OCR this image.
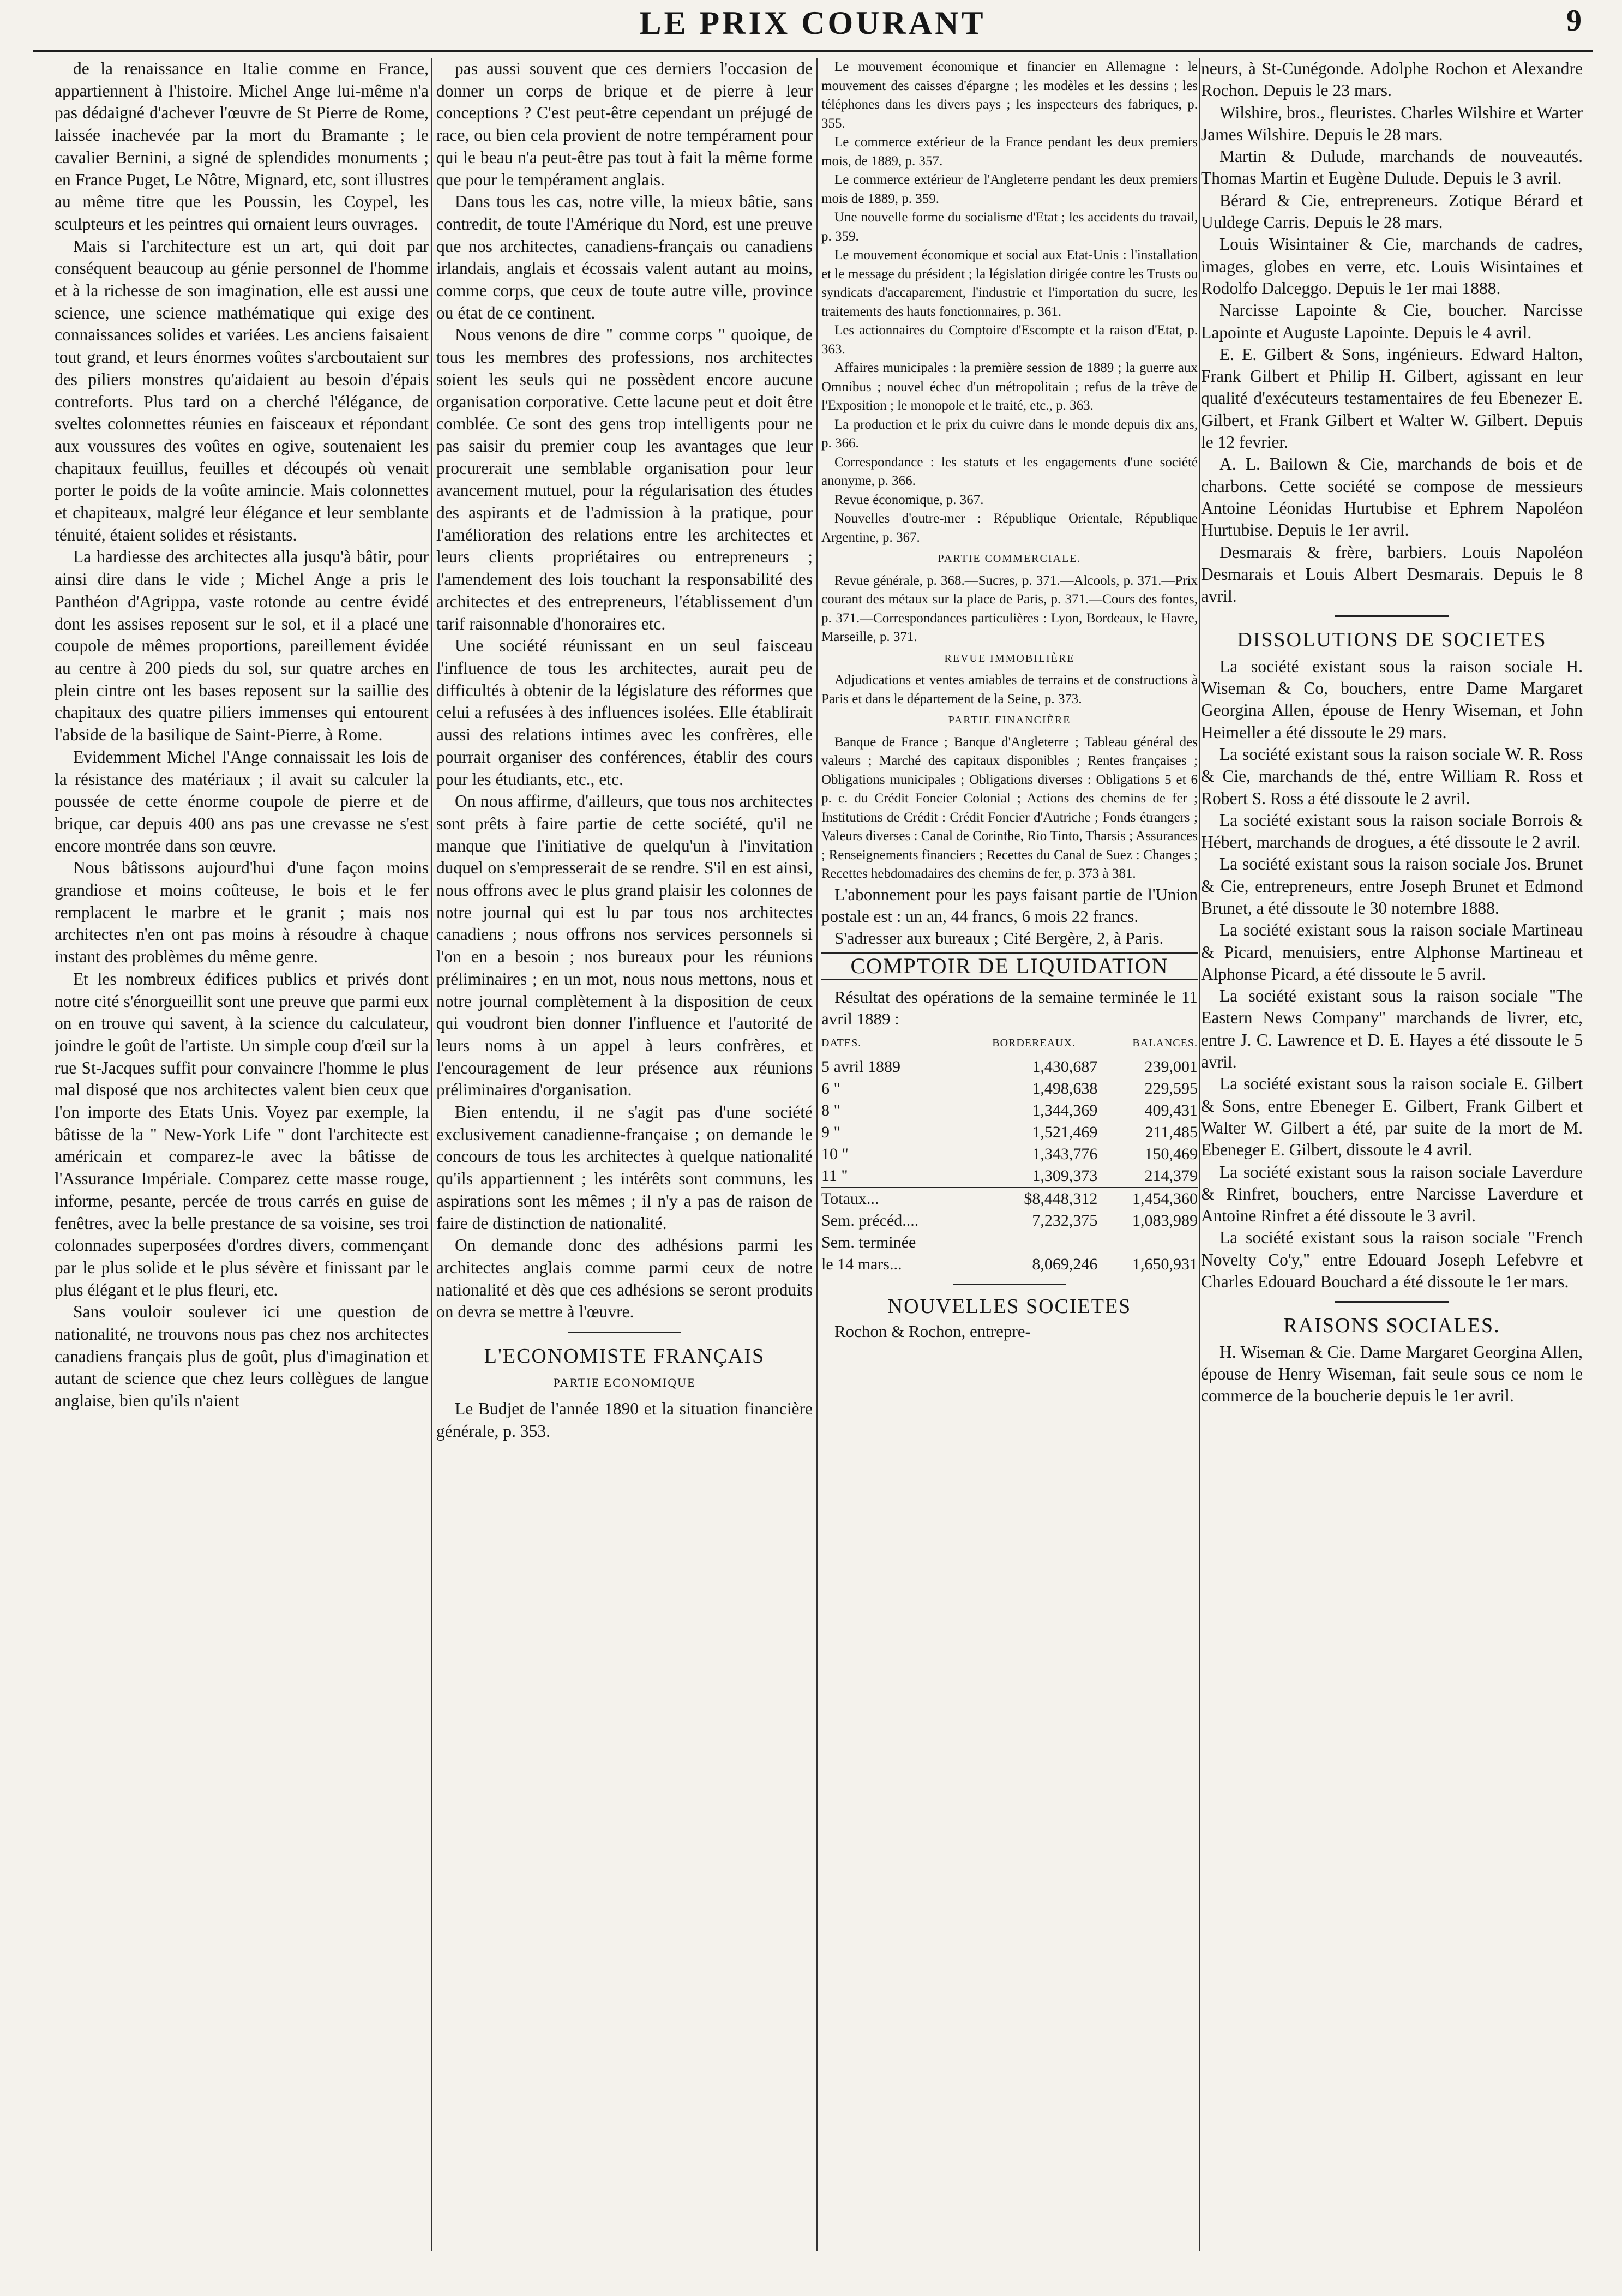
LE PRIX COURANT	9

de la renaissance en Italie comme en France, appartiennent à l'histoire. Michel Ange lui-même n'a pas dédaigné d'achever l'œuvre de St Pierre de Rome, laissée inachevée par la mort du Bramante ; le cavalier Bernini, a signé de splendides monuments ; en France Puget, Le Nôtre, Mignard, etc, sont illustres au même titre que les Poussin, les Coypel, les sculpteurs et les peintres qui ornaient leurs ouvrages.

Mais si l'architecture est un art, qui doit par conséquent beaucoup au génie personnel de l'homme et à la richesse de son imagination, elle est aussi une science, une science mathématique qui exige des connaissances solides et variées. Les anciens faisaient tout grand, et leurs énormes voûtes s'arcboutaient sur des piliers monstres qu'aidaient au besoin d'épais contreforts. Plus tard on a cherché l'élégance, de sveltes colonnettes réunies en faisceaux et répondant aux voussures des voûtes en ogive, soutenaient les chapitaux feuillus, feuilles et découpés où venait porter le poids de la voûte amincie. Mais colonnettes et chapiteaux, malgré leur élégance et leur semblante ténuité, étaient solides et résistants.

La hardiesse des architectes alla jusqu'à bâtir, pour ainsi dire dans le vide ; Michel Ange a pris le Panthéon d'Agrippa, vaste rotonde au centre évidé dont les assises reposent sur le sol, et il a placé une coupole de mêmes proportions, pareillement évidée au centre à 200 pieds du sol, sur quatre arches en plein cintre ont les bases reposent sur la saillie des chapitaux des quatre piliers immenses qui entourent l'abside de la basilique de Saint-Pierre, à Rome.

Evidemment Michel l'Ange connaissait les lois de la résistance des matériaux ; il avait su calculer la poussée de cette énorme coupole de pierre et de brique, car depuis 400 ans pas une crevasse ne s'est encore montrée dans son œuvre.

Nous bâtissons aujourd'hui d'une façon moins grandiose et moins coûteuse, le bois et le fer remplacent le marbre et le granit ; mais nos architectes n'en ont pas moins à résoudre à chaque instant des problèmes du même genre.

Et les nombreux édifices publics et privés dont notre cité s'énorgueillit sont une preuve que parmi eux on en trouve qui savent, à la science du calculateur, joindre le goût de l'artiste. Un simple coup d'œil sur la rue St-Jacques suffit pour convaincre l'homme le plus mal disposé que nos architectes valent bien ceux que l'on importe des Etats Unis. Voyez par exemple, la bâtisse de la " New-York Life " dont l'architecte est américain et comparez-le avec la bâtisse de l'Assurance Impériale. Comparez cette masse rouge, informe, pesante, percée de trous carrés en guise de fenêtres, avec la belle prestance de sa voisine, ses troi colonnades superposées d'ordres divers, commençant par le plus solide et le plus sévère et finissant par le plus élégant et le plus fleuri, etc.

Sans vouloir soulever ici une question de nationalité, ne trouvons nous pas chez nos architectes canadiens français plus de goût, plus d'imagination et autant de science que chez leurs collègues de langue anglaise, bien qu'ils n'aient

pas aussi souvent que ces derniers l'occasion de donner un corps de brique et de pierre à leur conceptions ? C'est peut-être cependant un préjugé de race, ou bien cela provient de notre tempérament pour qui le beau n'a peut-être pas tout à fait la même forme que pour le tempérament anglais.

Dans tous les cas, notre ville, la mieux bâtie, sans contredit, de toute l'Amérique du Nord, est une preuve que nos architectes, canadiens-français ou canadiens irlandais, anglais et écossais valent autant au moins, comme corps, que ceux de toute autre ville, province ou état de ce continent.

Nous venons de dire " comme corps " quoique, de tous les membres des professions, nos architectes soient les seuls qui ne possèdent encore aucune organisation corporative. Cette lacune peut et doit être comblée. Ce sont des gens trop intelligents pour ne pas saisir du premier coup les avantages que leur procurerait une semblable organisation pour leur avancement mutuel, pour la régularisation des études des aspirants et de l'admission à la pratique, pour l'amélioration des relations entre les architectes et leurs clients propriétaires ou entrepreneurs ; l'amendement des lois touchant la responsabilité des architectes et des entrepreneurs, l'établissement d'un tarif raisonnable d'honoraires etc.

Une société réunissant en un seul faisceau l'influence de tous les architectes, aurait peu de difficultés à obtenir de la législature des réformes que celui a refusées à des influences isolées. Elle établirait aussi des relations intimes avec les confrères, elle pourrait organiser des conférences, établir des cours pour les étudiants, etc., etc.

On nous affirme, d'ailleurs, que tous nos architectes sont prêts à faire partie de cette société, qu'il ne manque que l'initiative de quelqu'un à l'invitation duquel on s'empresserait de se rendre. S'il en est ainsi, nous offrons avec le plus grand plaisir les colonnes de notre journal qui est lu par tous nos architectes canadiens ; nous offrons nos services personnels si l'on en a besoin ; nos bureaux pour les réunions préliminaires ; en un mot, nous nous mettons, nous et notre journal complètement à la disposition de ceux qui voudront bien donner l'influence et l'autorité de leurs noms à un appel à leurs confrères, et l'encouragement de leur présence aux réunions préliminaires d'organisation.

Bien entendu, il ne s'agit pas d'une société exclusivement canadienne-française ; on demande le concours de tous les architectes à quelque nationalité qu'ils appartiennent ; les intérêts sont communs, les aspirations sont les mêmes ; il n'y a pas de raison de faire de distinction de nationalité.

On demande donc des adhésions parmi les architectes anglais comme parmi ceux de notre nationalité et dès que ces adhésions se seront produits on devra se mettre à l'œuvre.

L'ECONOMISTE FRANÇAIS
PARTIE ECONOMIQUE

Le Budjet de l'année 1890 et la situation financière générale, p. 353.

Le mouvement économique et financier en Allemagne : le mouvement des caisses d'épargne ; les modèles et les dessins ; les téléphones dans les divers pays ; les inspecteurs des fabriques, p. 355.

Le commerce extérieur de la France pendant les deux premiers mois, de 1889, p. 357.

Le commerce extérieur de l'Angleterre pendant les deux premiers mois de 1889, p. 359.

Une nouvelle forme du socialisme d'Etat ; les accidents du travail, p. 359.

Le mouvement économique et social aux Etat-Unis : l'installation et le message du président ; la législation dirigée contre les Trusts ou syndicats d'accaparement, l'industrie et l'importation du sucre, les traitements des hauts fonctionnaires, p. 361.

Les actionnaires du Comptoire d'Escompte et la raison d'Etat, p. 363.

Affaires municipales : la première session de 1889 ; la guerre aux Omnibus ; nouvel échec d'un métropolitain ; refus de la trêve de l'Exposition ; le monopole et le traité, etc., p. 363.

La production et le prix du cuivre dans le monde depuis dix ans, p. 366.

Correspondance : les statuts et les engagements d'une société anonyme, p. 366.

Revue économique, p. 367.

Nouvelles d'outre-mer : République Orientale, République Argentine, p. 367.

PARTIE COMMERCIALE.

Revue générale, p. 368.—Sucres, p. 371.—Alcools, p. 371.—Prix courant des métaux sur la place de Paris, p. 371.—Cours des fontes, p. 371.—Correspondances particulières : Lyon, Bordeaux, le Havre, Marseille, p. 371.

REVUE IMMOBILIÈRE

Adjudications et ventes amiables de terrains et de constructions à Paris et dans le département de la Seine, p. 373.

PARTIE FINANCIÈRE

Banque de France ; Banque d'Angleterre ; Tableau général des valeurs ; Marché des capitaux disponibles ; Rentes françaises ; Obligations municipales ; Obligations diverses : Obligations 5 et 6 p. c. du Crédit Foncier Colonial ; Actions des chemins de fer ; Institutions de Crédit : Crédit Foncier d'Autriche ; Fonds étrangers ; Valeurs diverses : Canal de Corinthe, Rio Tinto, Tharsis ; Assurances ; Renseignements financiers ; Recettes du Canal de Suez : Changes ; Recettes hebdomadaires des chemins de fer, p. 373 à 381.

L'abonnement pour les pays faisant partie de l'Union postale est : un an, 44 francs, 6 mois 22 francs.

S'adresser aux bureaux ; Cité Bergère, 2, à Paris.

COMPTOIR DE LIQUIDATION

Résultat des opérations de la semaine terminée le 11 avril 1889 :

DATES.	BORDEREAUX.	BALANCES.
5 avril 1889	1,430,687	239,001
6 "	1,498,638	229,595
8 "	1,344,369	409,431
9 "	1,521,469	211,485
10 "	1,343,776	150,469
11 "	1,309,373	214,379
Totaux...	$8,448,312	1,454,360
Sem. précéd....	7,232,375	1,083,989
Sem. terminée		
le 14 mars...	8,069,246	1,650,931
NOUVELLES SOCIETES

Rochon & Rochon, entrepre-

neurs, à St-Cunégonde. Adolphe Rochon et Alexandre Rochon. Depuis le 23 mars.

Wilshire, bros., fleuristes. Charles Wilshire et Warter James Wilshire. Depuis le 28 mars.

Martin & Dulude, marchands de nouveautés. Thomas Martin et Eugène Dulude. Depuis le 3 avril.

Bérard & Cie, entrepreneurs. Zotique Bérard et Uuldege Carris. Depuis le 28 mars.

Louis Wisintainer & Cie, marchands de cadres, images, globes en verre, etc. Louis Wisintaines et Rodolfo Dalceggo. Depuis le 1er mai 1888.

Narcisse Lapointe & Cie, boucher. Narcisse Lapointe et Auguste Lapointe. Depuis le 4 avril.

E. E. Gilbert & Sons, ingénieurs. Edward Halton, Frank Gilbert et Philip H. Gilbert, agissant en leur qualité d'exécuteurs testamentaires de feu Ebenezer E. Gilbert, et Frank Gilbert et Walter W. Gilbert. Depuis le 12 fevrier.

A. L. Bailown & Cie, marchands de bois et de charbons. Cette société se compose de messieurs Antoine Léonidas Hurtubise et Ephrem Napoléon Hurtubise. Depuis le 1er avril.

Desmarais & frère, barbiers. Louis Napoléon Desmarais et Louis Albert Desmarais. Depuis le 8 avril.

DISSOLUTIONS DE SOCIETES

La société existant sous la raison sociale H. Wiseman & Co, bouchers, entre Dame Margaret Georgina Allen, épouse de Henry Wiseman, et John Heimeller a été dissoute le 29 mars.

La société existant sous la raison sociale W. R. Ross & Cie, marchands de thé, entre William R. Ross et Robert S. Ross a été dissoute le 2 avril.

La société existant sous la raison sociale Borrois & Hébert, marchands de drogues, a été dissoute le 2 avril.

La société existant sous la raison sociale Jos. Brunet & Cie, entrepreneurs, entre Joseph Brunet et Edmond Brunet, a été dissoute le 30 notembre 1888.

La société existant sous la raison sociale Martineau & Picard, menuisiers, entre Alphonse Martineau et Alphonse Picard, a été dissoute le 5 avril.

La société existant sous la raison sociale "The Eastern News Company" marchands de livrer, etc, entre J. C. Lawrence et D. E. Hayes a été dissoute le 5 avril.

La société existant sous la raison sociale E. Gilbert & Sons, entre Ebeneger E. Gilbert, Frank Gilbert et Walter W. Gilbert a été, par suite de la mort de M. Ebeneger E. Gilbert, dissoute le 4 avril.

La société existant sous la raison sociale Laverdure & Rinfret, bouchers, entre Narcisse Laverdure et Antoine Rinfret a été dissoute le 3 avril.

La société existant sous la raison sociale "French Novelty Co'y," entre Edouard Joseph Lefebvre et Charles Edouard Bouchard a été dissoute le 1er mars.

RAISONS SOCIALES.

H. Wiseman & Cie. Dame Margaret Georgina Allen, épouse de Henry Wiseman, fait seule sous ce nom le commerce de la boucherie depuis le 1er avril.
